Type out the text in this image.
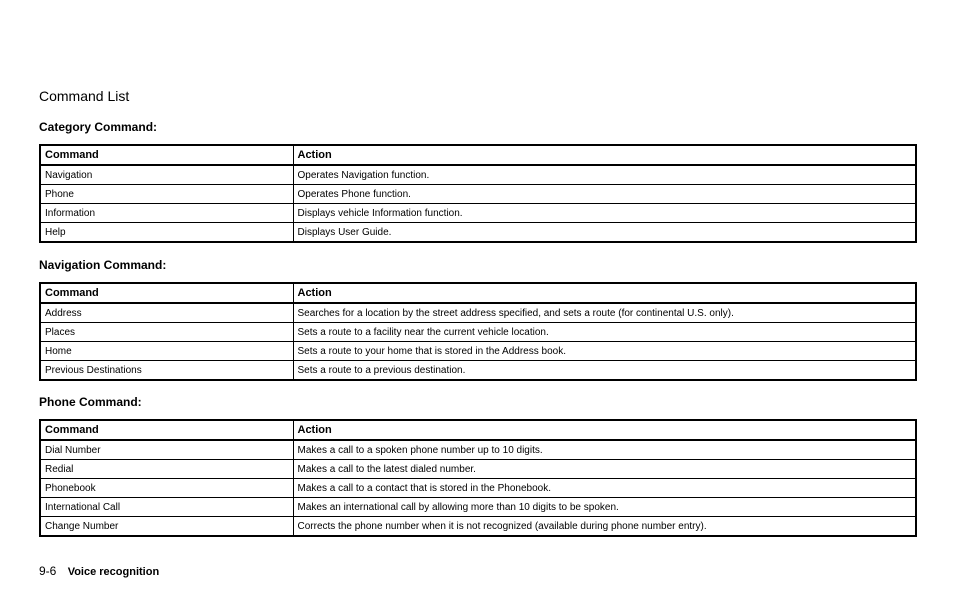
Command List
Category Command:
Command	Action
Navigation	Operates Navigation function.
Phone	Operates Phone function.
Information	Displays vehicle Information function.
Help	Displays User Guide.
Navigation Command:
Command	Action
Address	Searches for a location by the street address specified, and sets a route (for continental U.S. only).
Places	Sets a route to a facility near the current vehicle location.
Home	Sets a route to your home that is stored in the Address book.
Previous Destinations	Sets a route to a previous destination.
Phone Command:
Command	Action
Dial Number	Makes a call to a spoken phone number up to 10 digits.
Redial	Makes a call to the latest dialed number.
Phonebook	Makes a call to a contact that is stored in the Phonebook.
International Call	Makes an international call by allowing more than 10 digits to be spoken.
Change Number	Corrects the phone number when it is not recognized (available during phone number entry).
9-6 Voice recognition
